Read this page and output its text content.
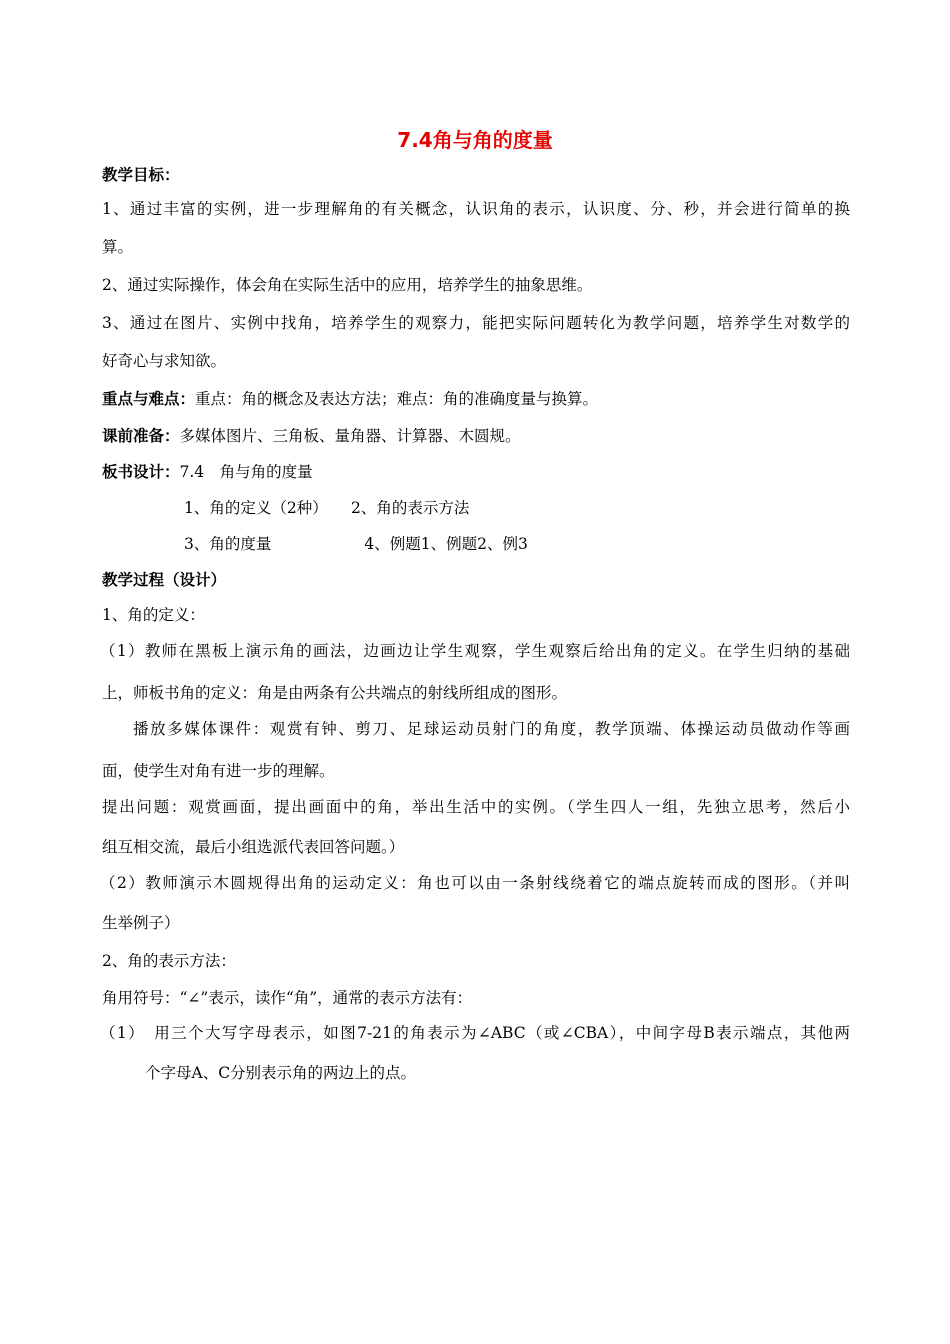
7.4角与角的度量
教学目标：
1、通过丰富的实例，进一步理解角的有关概念，认识角的表示，认识度、分、秒，并会进行简单的换
算。
2、通过实际操作，体会角在实际生活中的应用，培养学生的抽象思维。
3、通过在图片、实例中找角，培养学生的观察力，能把实际问题转化为教学问题，培养学生对数学的
好奇心与求知欲。
重点与难点：重点：角的概念及表达方法；难点：角的准确度量与换算。
课前准备：多媒体图片、三角板、量角器、计算器、木圆规。
板书设计：7.4　角与角的度量
1、角的定义（2种）　　2、角的表示方法
3、角的度量　　　　　　4、例题1、例题2、例3
教学过程（设计）
1、角的定义：
（1）教师在黑板上演示角的画法，边画边让学生观察，学生观察后给出角的定义。在学生归纳的基础
上，师板书角的定义：角是由两条有公共端点的射线所组成的图形。
播放多媒体课件：观赏有钟、剪刀、足球运动员射门的角度，教学顶端、体操运动员做动作等画
面，使学生对角有进一步的理解。
提出问题：观赏画面，提出画面中的角，举出生活中的实例。（学生四人一组，先独立思考，然后小
组互相交流，最后小组选派代表回答问题。）
（2）教师演示木圆规得出角的运动定义：角也可以由一条射线绕着它的端点旋转而成的图形。（并叫
生举例子）
2、角的表示方法：
角用符号：“∠”表示，读作“角”，通常的表示方法有：
（1）　用三个大写字母表示，如图7-21的角表示为∠ABC（或∠CBA），中间字母B表示端点，其他两
个字母A、C分别表示角的两边上的点。
